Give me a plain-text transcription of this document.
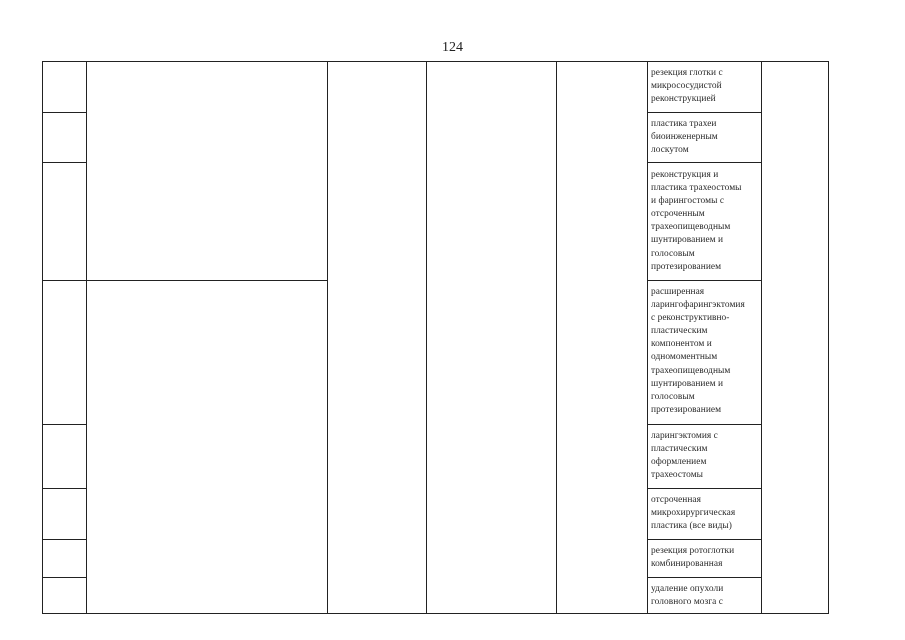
124
резекция глотки с
микрососудистой
реконструкцией
пластика трахеи
биоинженерным
лоскутом
реконструкция и
пластика трахеостомы
и фарингостомы с
отсроченным
трахеопищеводным
шунтированием и
голосовым
протезированием
расширенная
ларингофарингэктомия
с реконструктивно-
пластическим
компонентом и
одномоментным
трахеопищеводным
шунтированием и
голосовым
протезированием
ларингэктомия с
пластическим
оформлением
трахеостомы
отсроченная
микрохирургическая
пластика (все виды)
резекция ротоглотки
комбинированная
удаление опухоли
головного мозга с
